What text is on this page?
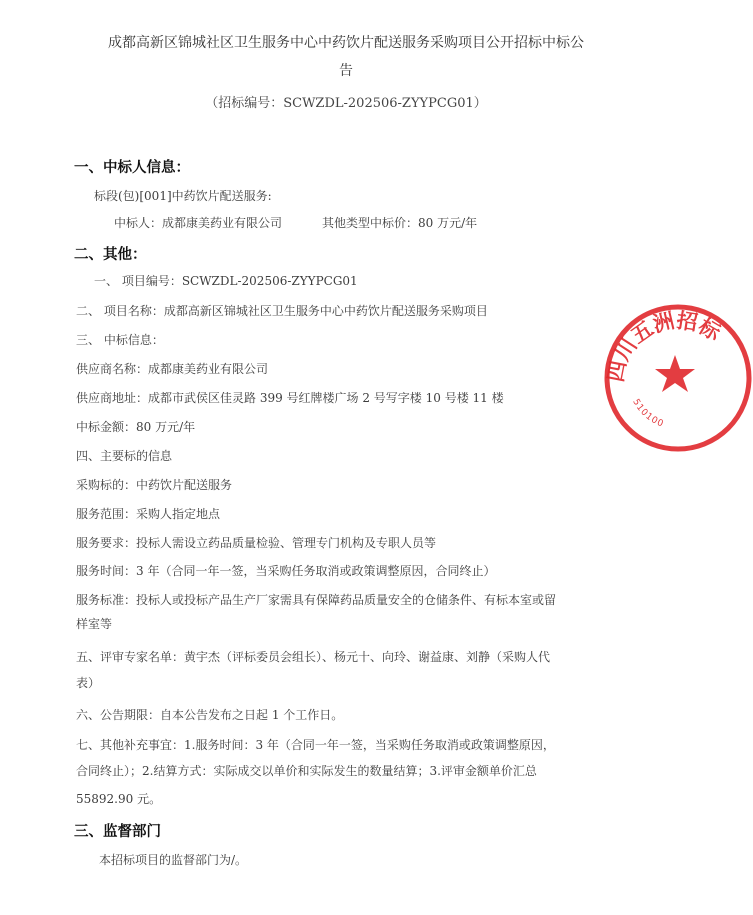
成都高新区锦城社区卫生服务中心中药饮片配送服务采购项目公开招标中标公
告
（招标编号：SCWZDL-202506-ZYYPCG01）
一、中标人信息：
标段(包)[001]中药饮片配送服务:
中标人：成都康美药业有限公司	其他类型中标价：80 万元/年
二、其他：
一、 项目编号：SCWZDL-202506-ZYYPCG01
二、 项目名称：成都高新区锦城社区卫生服务中心中药饮片配送服务采购项目
三、 中标信息：
供应商名称：成都康美药业有限公司
供应商地址：成都市武侯区佳灵路 399 号红牌楼广场 2 号写字楼 10 号楼 11 楼
中标金额：80 万元/年
四、主要标的信息
采购标的：中药饮片配送服务
服务范围：采购人指定地点
服务要求：投标人需设立药品质量检验、管理专门机构及专职人员等
服务时间：3 年（合同一年一签，当采购任务取消或政策调整原因，合同终止）
服务标准：投标人或投标产品生产厂家需具有保障药品质量安全的仓储条件、有标本室或留
样室等
五、评审专家名单：黄宇杰（评标委员会组长）、杨元十、向玲、谢益康、刘静（采购人代
表）
六、公告期限：自本公告发布之日起 1 个工作日。
七、其他补充事宜：1.服务时间：3 年（合同一年一签，当采购任务取消或政策调整原因，
合同终止）；2.结算方式：实际成交以单价和实际发生的数量结算；3.评审金额单价汇总
55892.90 元。
三、监督部门
本招标项目的监督部门为/。
四川五洲招标
510100
